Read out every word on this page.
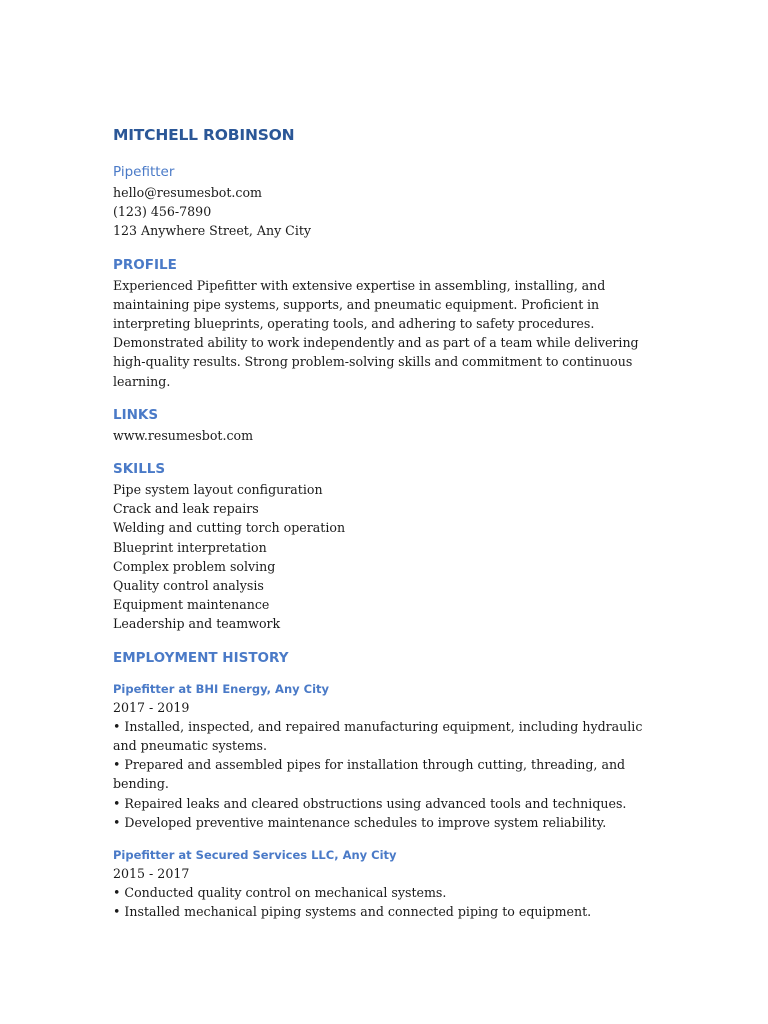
MITCHELL ROBINSON
Pipefitter

hello@resumesbot.com

(123) 456-7890

123 Anywhere Street, Any City

PROFILE

Experienced Pipefitter with extensive expertise in assembling, installing, and maintaining pipe systems, supports, and pneumatic equipment. Proficient in interpreting blueprints, operating tools, and adhering to safety procedures. Demonstrated ability to work independently and as part of a team while delivering high-quality results. Strong problem-solving skills and commitment to continuous learning.

LINKS

www.resumesbot.com

SKILLS

Pipe system layout configuration

Crack and leak repairs

Welding and cutting torch operation

Blueprint interpretation

Complex problem solving

Quality control analysis

Equipment maintenance

Leadership and teamwork

EMPLOYMENT HISTORY
Pipefitter at BHI Energy, Any City

2017 - 2019

• Installed, inspected, and repaired manufacturing equipment, including hydraulic and pneumatic systems.

• Prepared and assembled pipes for installation through cutting, threading, and bending.

• Repaired leaks and cleared obstructions using advanced tools and techniques.

• Developed preventive maintenance schedules to improve system reliability.

Pipefitter at Secured Services LLC, Any City

2015 - 2017

• Conducted quality control on mechanical systems.

• Installed mechanical piping systems and connected piping to equipment.
